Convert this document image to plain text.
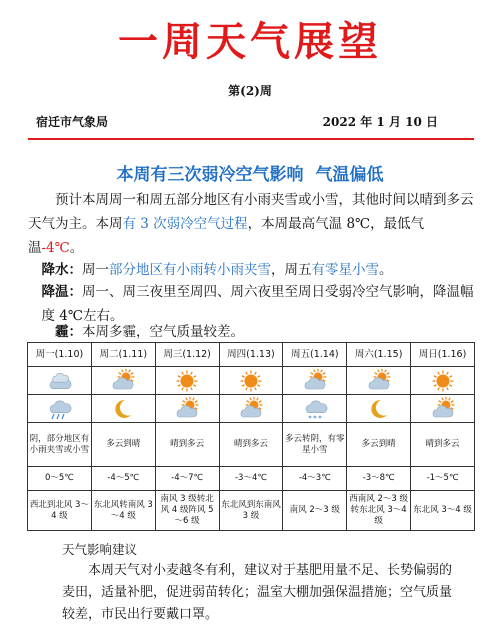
一周天气展望
第(2)周
宿迁市气象局	2022 年 1 月 10 日
本周有三次弱冷空气影响 气温偏低

预计本周周一和周五部分地区有小雨夹雪或小雪，其他时间以晴到多云天气为主。本周有 3 次弱冷空气过程，本周最高气温 8℃，最低气温-4℃。

降水：周一部分地区有小雨转小雨夹雪，周五有零星小雪。

降温：周一、周三夜里至周四、周六夜里至周日受弱冷空气影响，降温幅度 4℃左右。

霾：本周多霾，空气质量较差。

周一(1.10)	周二(1.11)	周三(1.12)	周四(1.13)	周五(1.14)	周六(1.15)	周日(1.16)

阴，部分地区有小雨夹雪或小雪	多云到晴	晴到多云	晴到多云	多云转阴，有零星小雪	多云到晴	晴到多云
0～5℃	-4～5℃	-4～7℃	-3～4℃	-4～3℃	-3～8℃	-1～5℃
西北到北风 3～4 级	东北风转南风 3～4 级	南风 3 级转北风 4 级阵风 5～6 级	东北风到东南风 3 级	南风 2～3 级	西南风 2～3 级转东北风 3～4 级	东北风 3～4 级
天气影响建议

本周天气对小麦越冬有利，建议对于基肥用量不足、长势偏弱的麦田，适量补肥，促进弱苗转化；温室大棚加强保温措施；空气质量较差，市民出行要戴口罩。
